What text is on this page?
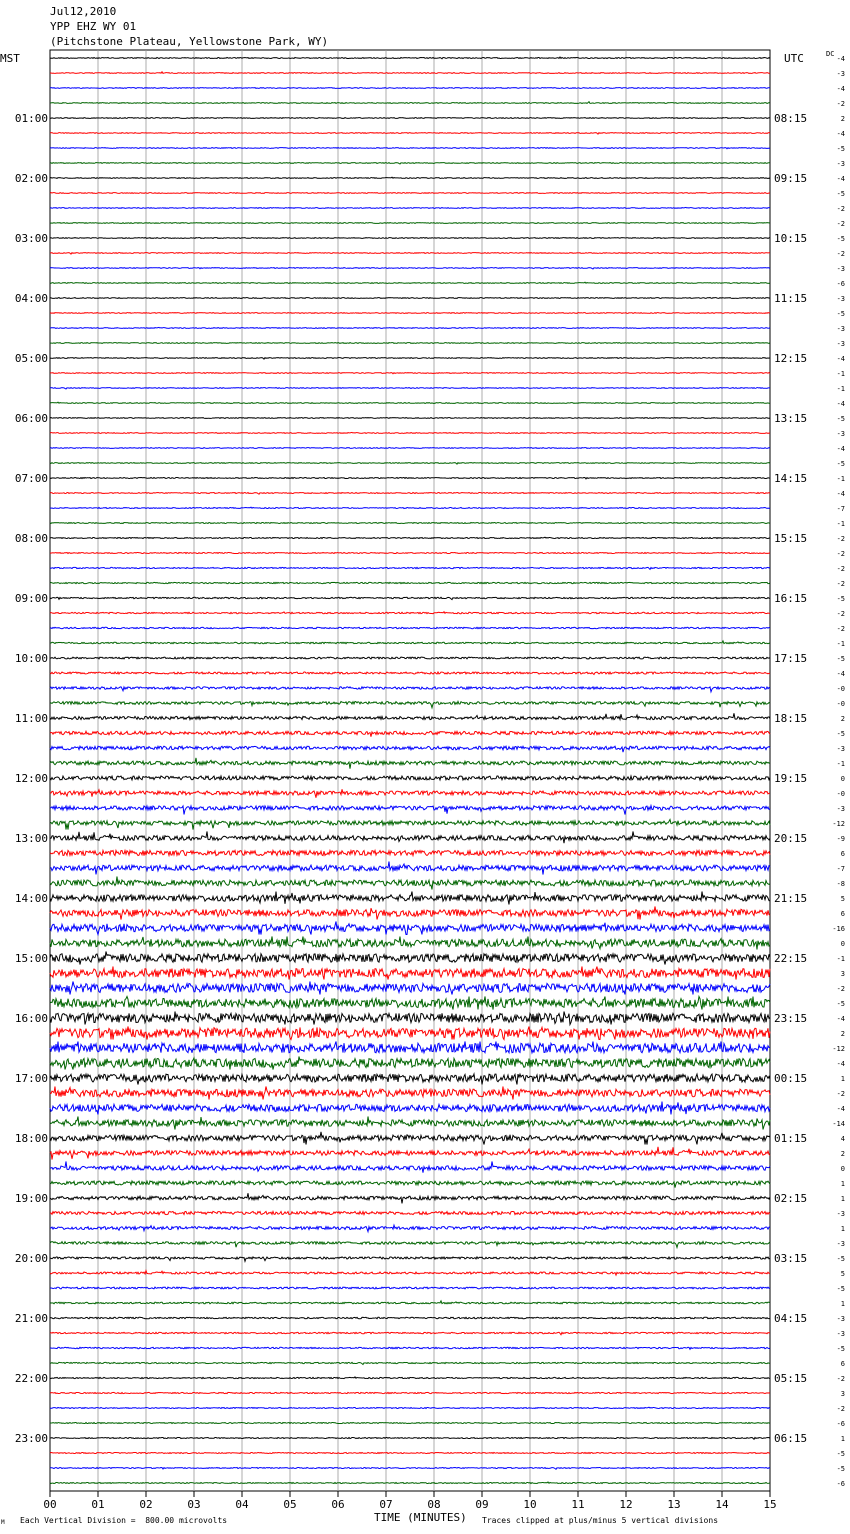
Jul12,2010
YPP EHZ WY 01
(Pitchstone Plateau, Yellowstone Park, WY)
00	01	02	03	04	05	06	07	08	09	10	11	12	13	14	15
MST	UTC	DC
01:00	08:15
02:00	09:15
03:00	10:15
04:00	11:15
05:00	12:15
06:00	13:15
07:00	14:15
08:00	15:15
09:00	16:15
10:00	17:15
11:00	18:15
12:00	19:15
13:00	20:15
14:00	21:15
15:00	22:15
16:00	23:15
17:00	00:15
18:00	01:15
19:00	02:15
20:00	03:15
21:00	04:15
22:00	05:15
23:00	06:15
-4
-3
-4
-2
2
-4
-5
-3
-4
-5
-2
-2
-5
-2
-3
-6
-3
-5
-3
-3
-4
-1
-1
-4
-5
-3
-4
-5
-1
-4
-7
-1
-2
-2
-2
-2
-5
-2
-2
-1
-5
-4
-0
-0
2
-5
-3
-1
0
-0
-3
-12
-9
6
-7
-8
5
6
-16
0
-1
3
-2
-5
-4
2
-12
-4
1
-2
-4
-14
4
2
0
1
1
-3
1
-3
-5
5
-5
1
-3
-3
-5
6
-2
3
-2
-6
1
-5
-5
-6
TIME (MINUTES)
Each Vertical Division =  800.00 microvolts	Traces clipped at plus/minus 5 vertical divisions
M
